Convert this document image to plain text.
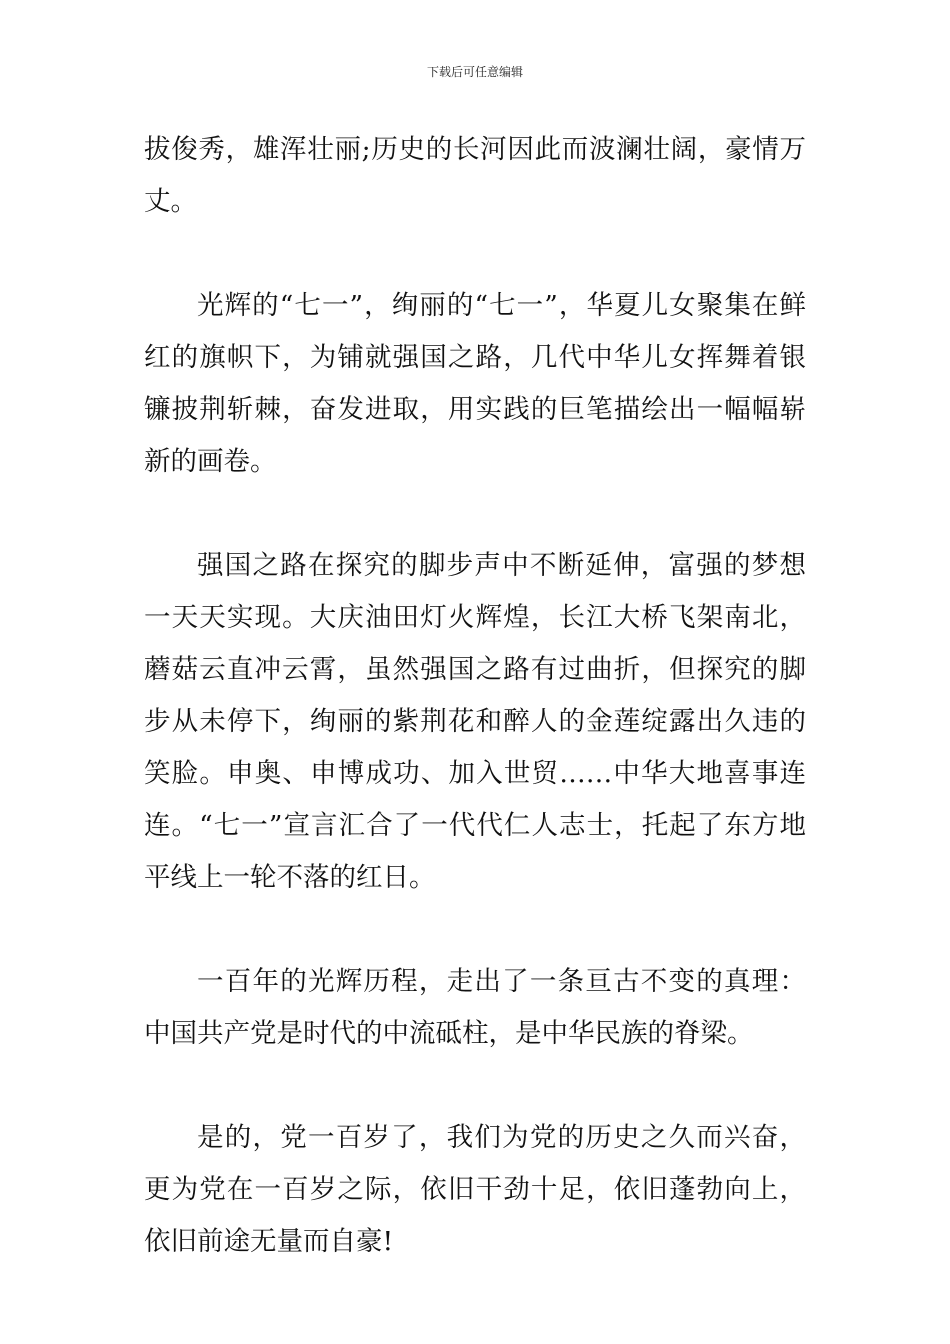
下载后可任意编辑

拔俊秀，雄浑壮丽;历史的长河因此而波澜壮阔，豪情万丈。

光辉的“七一”，绚丽的“七一”，华夏儿女聚集在鲜红的旗帜下，为铺就强国之路，几代中华儿女挥舞着银镰披荆斩棘，奋发进取，用实践的巨笔描绘出一幅幅崭新的画卷。

强国之路在探究的脚步声中不断延伸，富强的梦想一天天实现。大庆油田灯火辉煌，长江大桥飞架南北，蘑菇云直冲云霄，虽然强国之路有过曲折，但探究的脚步从未停下，绚丽的紫荆花和醉人的金莲绽露出久违的笑脸。申奥、申博成功、加入世贸……中华大地喜事连连。“七一”宣言汇合了一代代仁人志士，托起了东方地平线上一轮不落的红日。

一百年的光辉历程，走出了一条亘古不变的真理：中国共产党是时代的中流砥柱，是中华民族的脊梁。

是的，党一百岁了，我们为党的历史之久而兴奋，更为党在一百岁之际，依旧干劲十足，依旧蓬勃向上，依旧前途无量而自豪!
